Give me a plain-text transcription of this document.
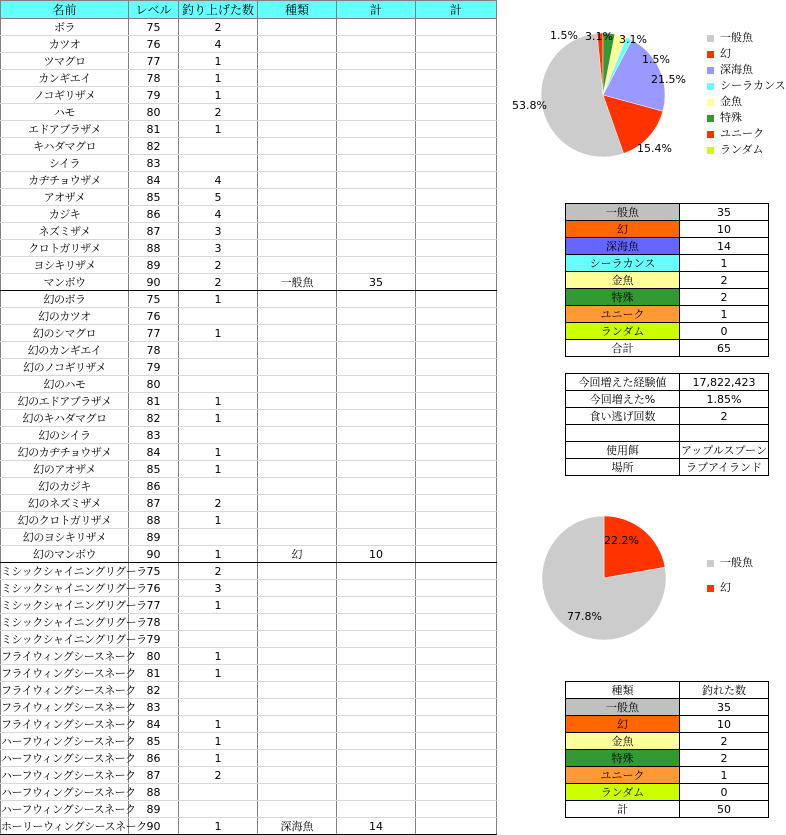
名前	レベル	釣り上げた数	種類	計	計
ボラ	75	2			
カツオ	76	4			
ツマグロ	77	1			
カンギエイ	78	1			
ノコギリザメ	79	1			
ハモ	80	2			
エドアブラザメ	81	1			
キハダマグロ	82				
シイラ	83				
カヂチョウザメ	84	4			
アオザメ	85	5			
カジキ	86	4			
ネズミザメ	87	3			
クロトガリザメ	88	3			
ヨシキリザメ	89	2			
マンボウ	90	2	一般魚	35	
幻のボラ	75	1			
幻のカツオ	76				
幻のシマグロ	77	1			
幻のカンギエイ	78				
幻のノコギリザメ	79				
幻のハモ	80				
幻のエドアブラザメ	81	1			
幻のキハダマグロ	82	1			
幻のシイラ	83				
幻のカヂチョウザメ	84	1			
幻のアオザメ	85	1			
幻のカジキ	86				
幻のネズミザメ	87	2			
幻のクロトガリザメ	88	1			
幻のヨシキリザメ	89				
幻のマンボウ	90	1	幻	10	
ミシックシャイニングリグーラ	75	2			
ミシックシャイニングリグーラ	76	3			
ミシックシャイニングリグーラ	77	1			
ミシックシャイニングリグーラ	78				
ミシックシャイニングリグーラ	79				
フライウィングシースネーク	80	1			
フライウィングシースネーク	81	1			
フライウィングシースネーク	82				
フライウィングシースネーク	83				
フライウィングシースネーク	84	1			
ハーフウィングシースネーク	85	1			
ハーフウィングシースネーク	86	1			
ハーフウィングシースネーク	87	2			
ハーフウィングシースネーク	88				
ハーフウィングシースネーク	89				
ホーリーウィングシースネーク	90	1	深海魚	14	
53.8%
15.4%
21.5%
1.5% 3.1% 3.1%
1.5%
一般魚
幻
深海魚
シーラカンス
金魚
特殊
ユニーク
ランダム
一般魚	35
幻	10
深海魚	14
シーラカンス	1
金魚	2
特殊	2
ユニーク	1
ランダム	0
合計	65
今回増えた経験値	17,822,423
今回増えた%	1.85%
食い逃げ回数	2

使用餌	アップルスプーン
場所	ラブアイランド
22.2%
77.8%
一般魚
幻
種類	釣れた数
一般魚	35
幻	10
金魚	2
特殊	2
ユニーク	1
ランダム	0
計	50
